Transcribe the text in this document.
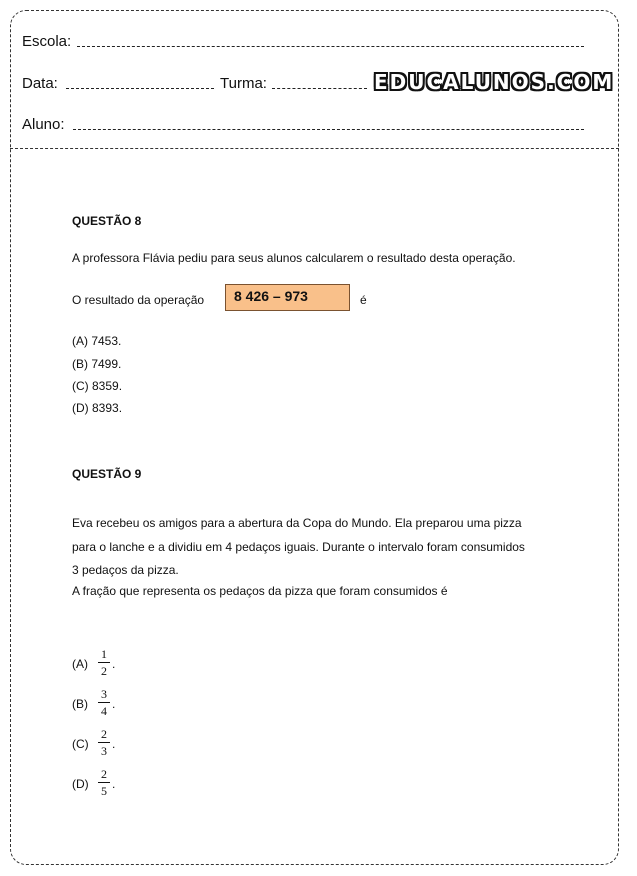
Escola:
Data:	Turma:	EDUCALUNOS.COM
Aluno:
QUESTÃO 8
A professora Flávia pediu para seus alunos calcularem o resultado desta operação.
O resultado da operação	8 426 – 973	é
(A) 7453.
(B) 7499.
(C) 8359.
(D) 8393.
QUESTÃO 9
Eva recebeu os amigos para a abertura da Copa do Mundo. Ela preparou uma pizza
para o lanche e a dividiu em 4 pedaços iguais. Durante o intervalo foram consumidos
3 pedaços da pizza.
A fração que representa os pedaços da pizza que foram consumidos é
$(A) \frac{1}{2}$ .
$(B) \frac{3}{4}$ .
$(C) \frac{2}{3}$ .
$(D) \frac{2}{5}$ .
